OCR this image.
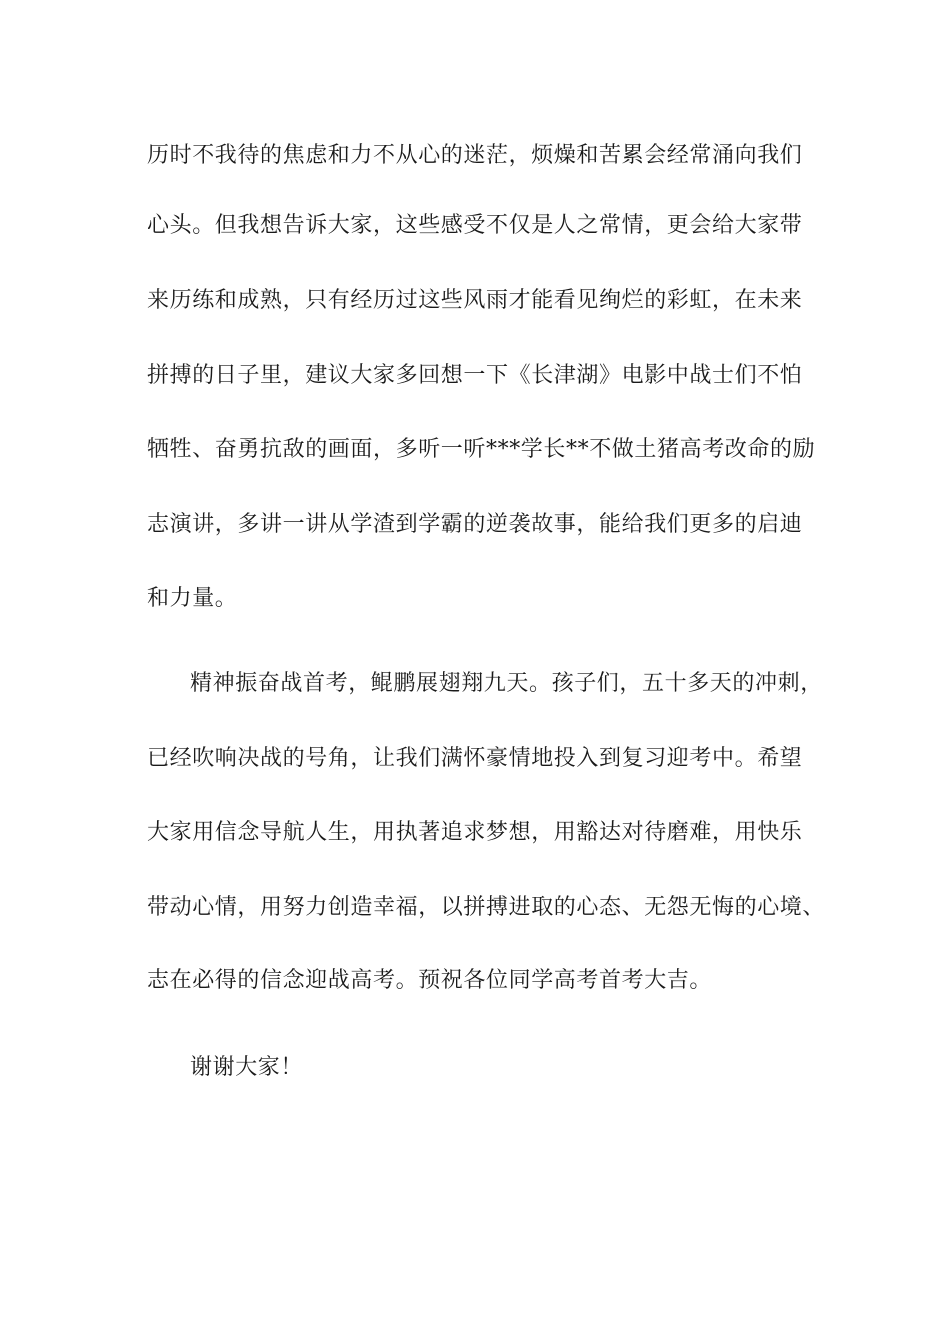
历时不我待的焦虑和力不从心的迷茫，烦燥和苦累会经常涌向我们
心头。但我想告诉大家，这些感受不仅是人之常情，更会给大家带
来历练和成熟，只有经历过这些风雨才能看见绚烂的彩虹，在未来
拼搏的日子里，建议大家多回想一下《长津湖》电影中战士们不怕
牺牲、奋勇抗敌的画面，多听一听***学长**不做土猪高考改命的励
志演讲，多讲一讲从学渣到学霸的逆袭故事，能给我们更多的启迪
和力量。
精神振奋战首考，鲲鹏展翅翔九天。孩子们，五十多天的冲刺，
已经吹响决战的号角，让我们满怀豪情地投入到复习迎考中。希望
大家用信念导航人生，用执著追求梦想，用豁达对待磨难，用快乐
带动心情，用努力创造幸福，以拼搏进取的心态、无怨无悔的心境、
志在必得的信念迎战高考。预祝各位同学高考首考大吉。
谢谢大家！
